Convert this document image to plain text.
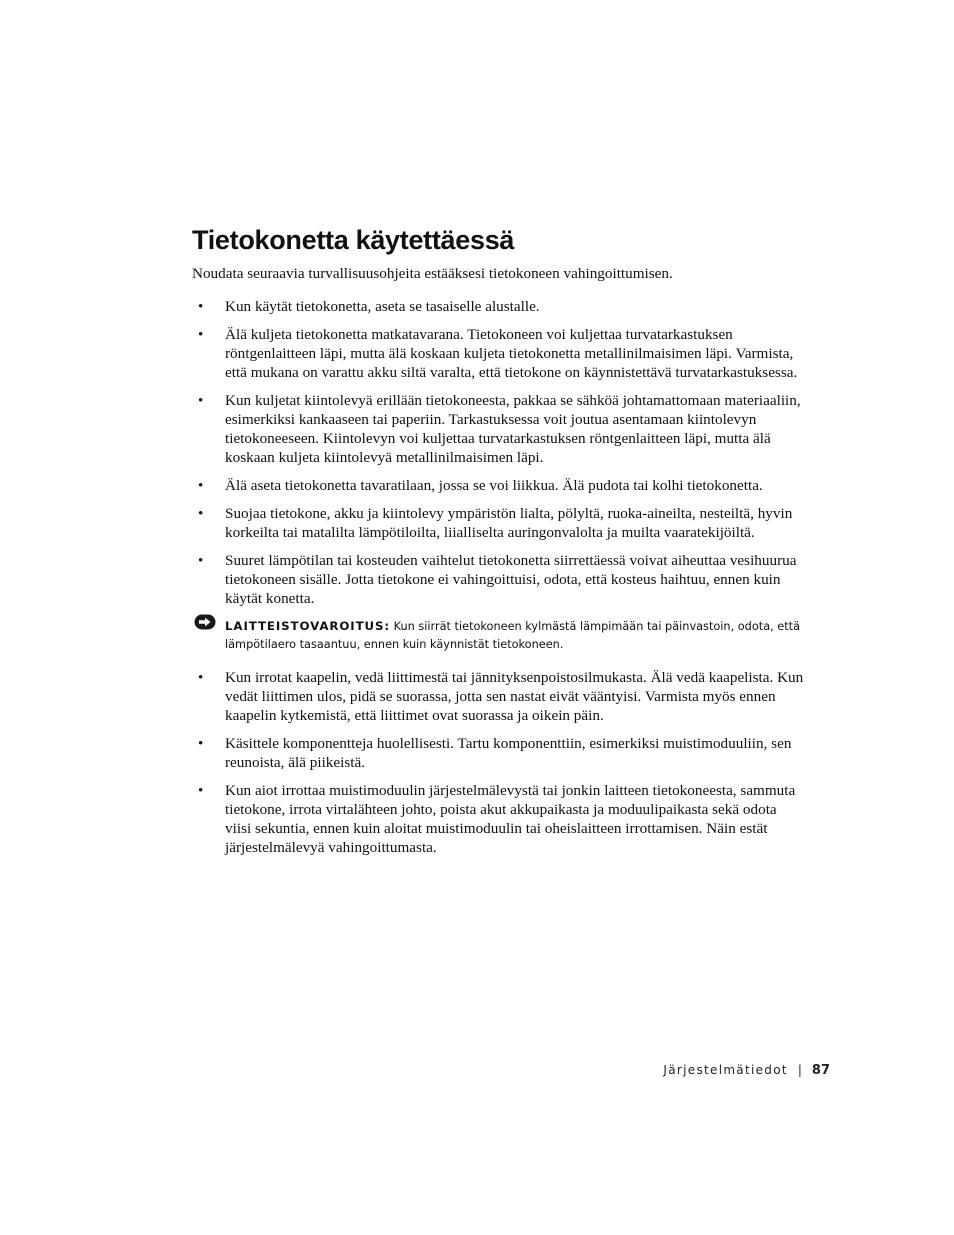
Tietokonetta käytettäessä

Noudata seuraavia turvallisuusohjeita estääksesi tietokoneen vahingoittumisen.

• Kun käytät tietokonetta, aseta se tasaiselle alustalle.
• Älä kuljeta tietokonetta matkatavarana. Tietokoneen voi kuljettaa turvatarkastuksen röntgenlaitteen läpi, mutta älä koskaan kuljeta tietokonetta metallinilmaisimen läpi. Varmista, että mukana on varattu akku siltä varalta, että tietokone on käynnistettävä turvatarkastuksessa.
• Kun kuljetat kiintolevyä erillään tietokoneesta, pakkaa se sähköä johtamattomaan materiaaliin, esimerkiksi kankaaseen tai paperiin. Tarkastuksessa voit joutua asentamaan kiintolevyn tietokoneeseen. Kiintolevyn voi kuljettaa turvatarkastuksen röntgenlaitteen läpi, mutta älä koskaan kuljeta kiintolevyä metallinilmaisimen läpi.
• Älä aseta tietokonetta tavaratilaan, jossa se voi liikkua. Älä pudota tai kolhi tietokonetta.
• Suojaa tietokone, akku ja kiintolevy ympäristön lialta, pölyltä, ruoka-aineilta, nesteiltä, hyvin korkeilta tai matalilta lämpötiloilta, liialliselta auringonvalolta ja muilta vaaratekijöiltä.
• Suuret lämpötilan tai kosteuden vaihtelut tietokonetta siirrettäessä voivat aiheuttaa vesihuurua tietokoneen sisälle. Jotta tietokone ei vahingoittuisi, odota, että kosteus haihtuu, ennen kuin käytät konetta.
LAITTEISTOVAROITUS: Kun siirrät tietokoneen kylmästä lämpimään tai päinvastoin, odota, että lämpötilaero tasaantuu, ennen kuin käynnistät tietokoneen.
• Kun irrotat kaapelin, vedä liittimestä tai jännityksenpoistosilmukasta. Älä vedä kaapelista. Kun vedät liittimen ulos, pidä se suorassa, jotta sen nastat eivät vääntyisi. Varmista myös ennen kaapelin kytkemistä, että liittimet ovat suorassa ja oikein päin.
• Käsittele komponentteja huolellisesti. Tartu komponenttiin, esimerkiksi muistimoduuliin, sen reunoista, älä piikeistä.
• Kun aiot irrottaa muistimoduulin järjestelmälevystä tai jonkin laitteen tietokoneesta, sammuta tietokone, irrota virtalähteen johto, poista akut akkupaikasta ja moduulipaikasta sekä odota viisi sekuntia, ennen kuin aloitat muistimoduulin tai oheislaitteen irrottamisen. Näin estät järjestelmälevyä vahingoittumasta.
Järjestelmätiedot | 87
